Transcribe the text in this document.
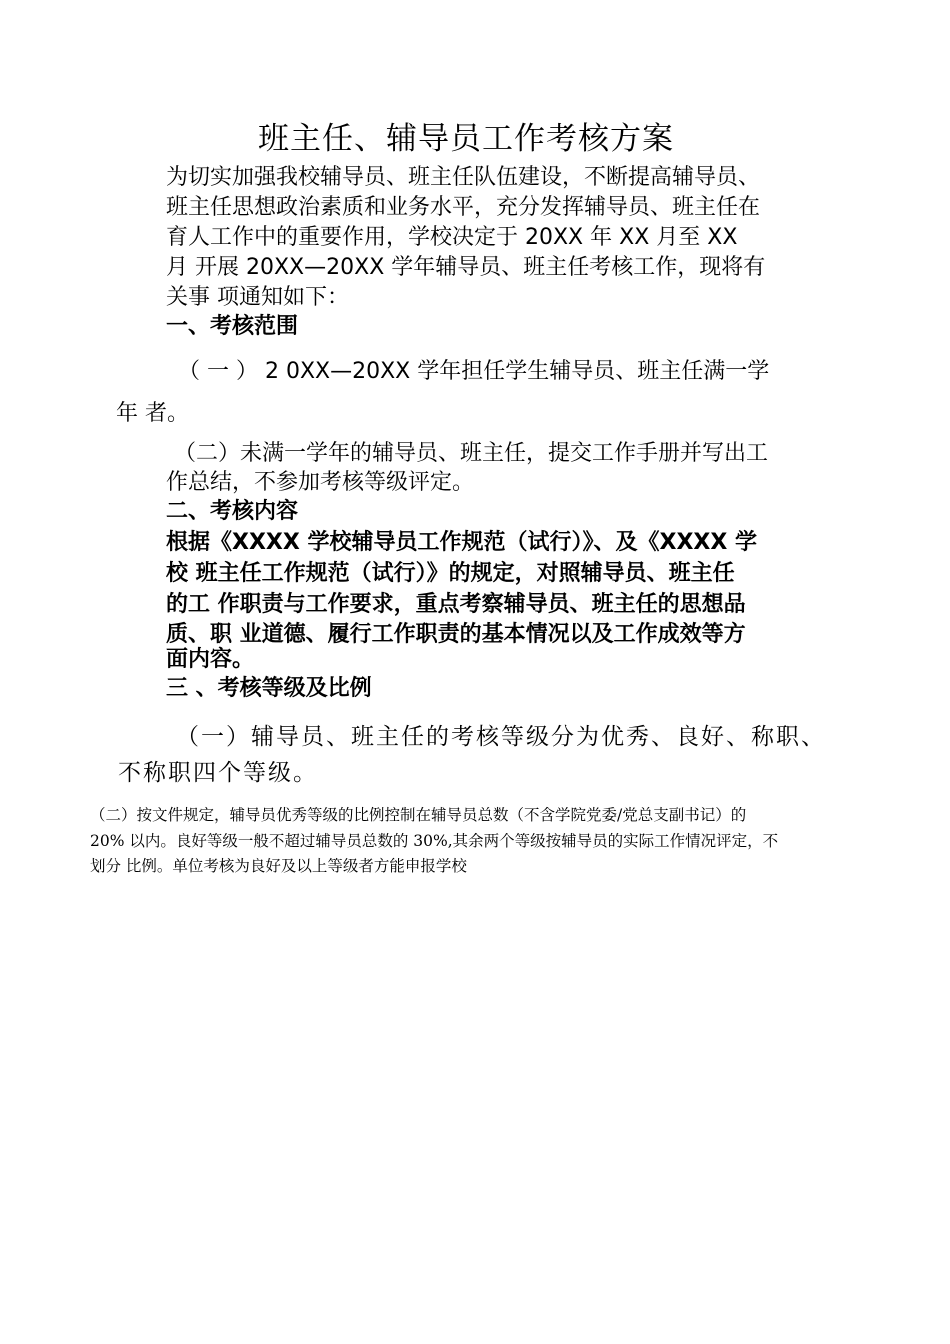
班主任、辅导员工作考核方案
为切实加强我校辅导员、班主任队伍建设，不断提高辅导员、
班主任思想政治素质和业务水平，充分发挥辅导员、班主任在
育人工作中的重要作用，学校决定于 20XX 年 XX 月至 XX
月 开展 20XX—20XX 学年辅导员、班主任考核工作，现将有
关事 项通知如下：
一、考核范围
（ 一 ） 2 0XX—20XX 学年担任学生辅导员、班主任满一学
年 者。
（二）未满一学年的辅导员、班主任，提交工作手册并写出工
作总结，不参加考核等级评定。
二、考核内容
根据《XXXX 学校辅导员工作规范（试行）》、及《XXXX 学
校 班主任工作规范（试行）》的规定，对照辅导员、班主任
的工 作职责与工作要求，重点考察辅导员、班主任的思想品
质、职 业道德、履行工作职责的基本情况以及工作成效等方
面内容。
三 、考核等级及比例
（一）辅导员、班主任的考核等级分为优秀、良好、称职、
不称职四个等级。
（二）按文件规定，辅导员优秀等级的比例控制在辅导员总数（不含学院党委/党总支副书记）的
20% 以内。良好等级一般不超过辅导员总数的 30%,其余两个等级按辅导员的实际工作情况评定，不
划分 比例。单位考核为良好及以上等级者方能申报学校
